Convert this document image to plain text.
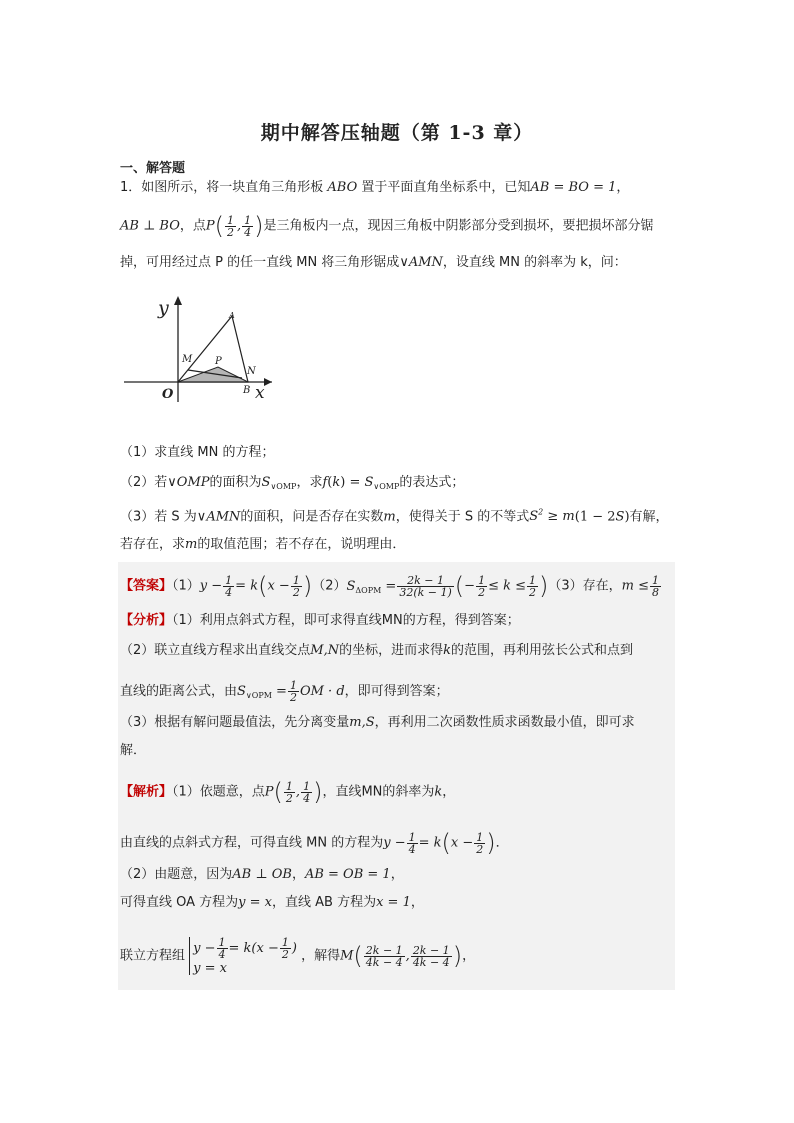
期中解答压轴题（第 1-3 章）
一、解答题
1．如图所示，将一块直角三角形板 ABO 置于平面直角坐标系中，已知AB = BO = 1，
AB ⊥ BO，点$P( \frac{1}{2}$ , $\frac{1}{4}$ )是三角板内一点，现因三角板中阴影部分受到损坏，要把损坏部分锯
掉，可用经过点 P 的任一直线 MN 将三角形锯成∨AMN，设直线 MN 的斜率为 k，问：
y	A
M P
N
O	B x
（1）求直线 MN 的方程；
（2）若∨OMP的面积为$S_{\vee OMP}$，求$f(k) = S_{\vee OMP}$的表达式；
（3）若 S 为∨AMN的面积，问是否存在实数m，使得关于 S 的不等式$S^2 \ge m(1 - 2S)$有解，
若存在，求m的取值范围；若不存在，说明理由．
【答案】$(1)y - \frac{1}{4} = k(x - \frac{1}{2} )(2)S_{\Delta OPM} = \frac{2k - 1}{32(k - 1)}$ (− $\frac{1}{2} \le k \le \frac{1}{2} )(3)$存在，$m \le \frac{1}{8}$
【分析】（1）利用点斜式方程，即可求得直线MN的方程，得到答案；
（2）联立直线方程求出直线交点M,N的坐标，进而求得k的范围，再利用弦长公式和点到
直线的距离公式，由$S_{\vee OPM} = \frac{1}{2}$ OM · d，即可得到答案；
（3）根据有解问题最值法，先分离变量m,S，再利用二次函数性质求函数最小值，即可求
解．
【解析】（1）依题意，点$P( \frac{1}{2}$ , $\frac{1}{4}$ )，直线MN的斜率为k，
由直线的点斜式方程，可得直线 MN 的方程为$y - \frac{1}{4} = k(x - \frac{1}{2}$ )．
（2）由题意，因为AB ⊥ OB，AB = OB = 1，
可得直线 OA 方程为y = x，直线 AB 方程为x = 1，
联立方程组 $y - \frac{1}{4} = k(x - \frac{1}{2}$ )
y = x
，解得$M( \frac{2k - 1}{4k - 4}$ , $\frac{2k - 1}{4k - 4}$ )，
